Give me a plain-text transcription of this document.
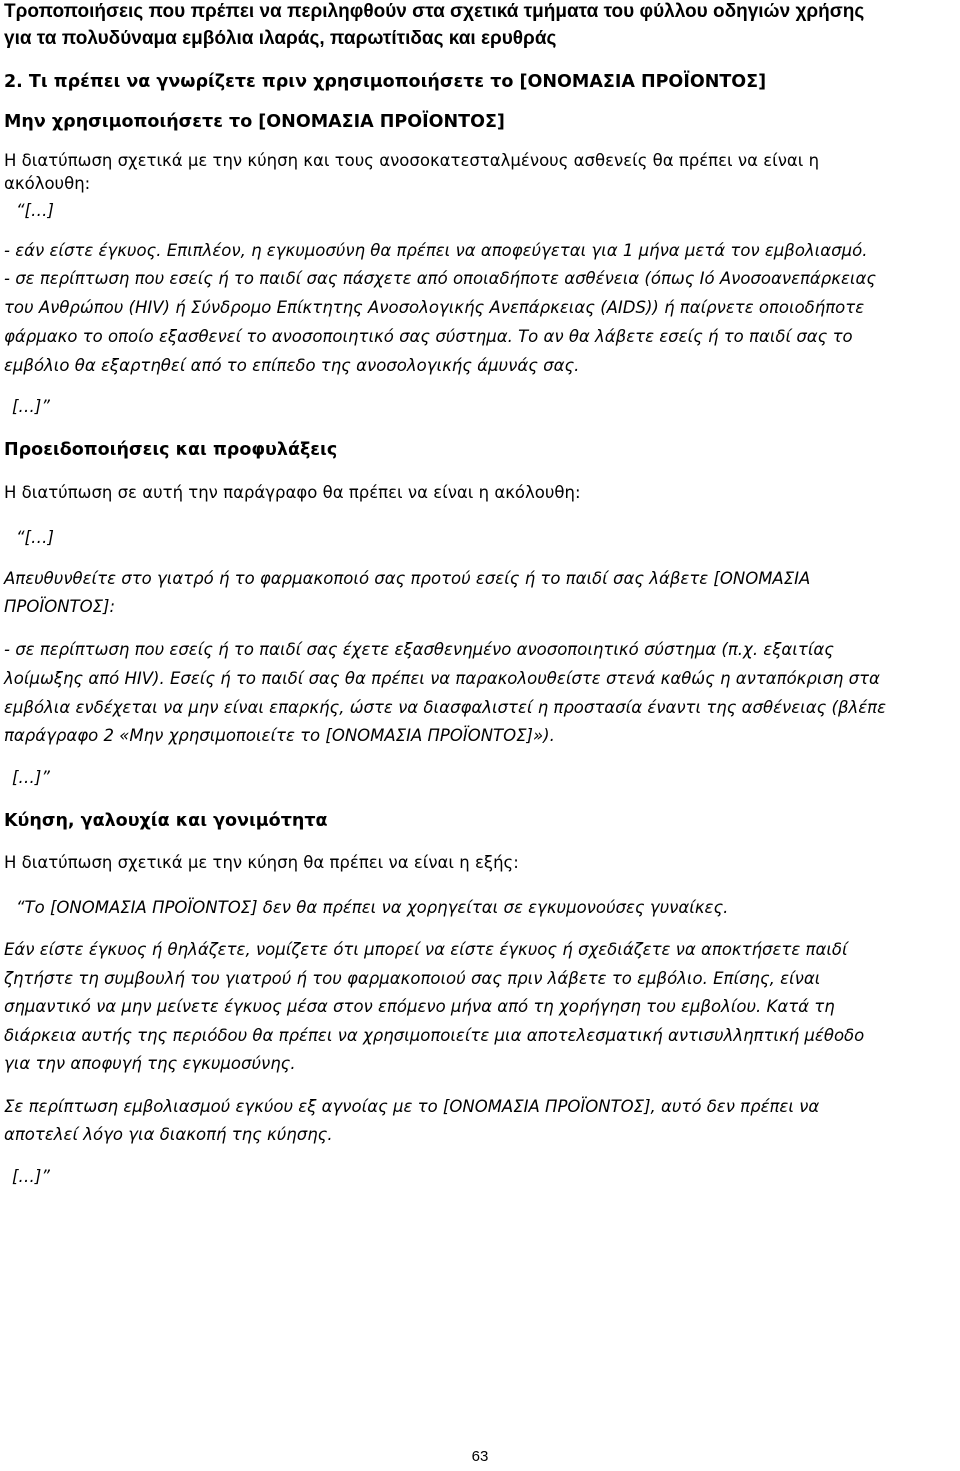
Τροποποιήσεις που πρέπει να περιληφθούν στα σχετικά τμήματα του φύλλου οδηγιών χρήσης
για τα πολυδύναμα εμβόλια ιλαράς, παρωτίτιδας και ερυθράς
2. Τι πρέπει να γνωρίζετε πριν χρησιμοποιήσετε το [ΟΝΟΜΑΣΙΑ ΠΡΟΪΟΝΤΟΣ]
Μην χρησιμοποιήσετε το [ΟΝΟΜΑΣΙΑ ΠΡΟΪΟΝΤΟΣ]
Η διατύπωση σχετικά με την κύηση και τους ανοσοκατεσταλμένους ασθενείς θα πρέπει να είναι η
ακόλουθη:
“[…]
- εάν είστε έγκυος. Επιπλέον, η εγκυμοσύνη θα πρέπει να αποφεύγεται για 1 μήνα μετά τον εμβολιασμό.
- σε περίπτωση που εσείς ή το παιδί σας πάσχετε από οποιαδήποτε ασθένεια (όπως Ιό Ανοσοανεπάρκειας
του Ανθρώπου (HIV) ή Σύνδρομο Επίκτητης Ανοσολογικής Ανεπάρκειας (AIDS)) ή παίρνετε οποιοδήποτε
φάρμακο το οποίο εξασθενεί το ανοσοποιητικό σας σύστημα. Το αν θα λάβετε εσείς ή το παιδί σας το
εμβόλιο θα εξαρτηθεί από το επίπεδο της ανοσολογικής άμυνάς σας.
[…]”
Προειδοποιήσεις και προφυλάξεις
Η διατύπωση σε αυτή την παράγραφο θα πρέπει να είναι η ακόλουθη:
“[…]
Απευθυνθείτε στο γιατρό ή το φαρμακοποιό σας προτού εσείς ή το παιδί σας λάβετε [ΟΝΟΜΑΣΙΑ
ΠΡΟΪΟΝΤΟΣ]:
- σε περίπτωση που εσείς ή το παιδί σας έχετε εξασθενημένο ανοσοποιητικό σύστημα (π.χ. εξαιτίας
λοίμωξης από HIV). Εσείς ή το παιδί σας θα πρέπει να παρακολουθείστε στενά καθώς η ανταπόκριση στα
εμβόλια ενδέχεται να μην είναι επαρκής, ώστε να διασφαλιστεί η προστασία έναντι της ασθένειας (βλέπε
παράγραφο 2 «Μην χρησιμοποιείτε το [ΟΝΟΜΑΣΙΑ ΠΡΟΪΟΝΤΟΣ]»).
[…]”
Κύηση, γαλουχία και γονιμότητα
Η διατύπωση σχετικά με την κύηση θα πρέπει να είναι η εξής:
“Το [ΟΝΟΜΑΣΙΑ ΠΡΟΪΟΝΤΟΣ] δεν θα πρέπει να χορηγείται σε εγκυμονούσες γυναίκες.
Εάν είστε έγκυος ή θηλάζετε, νομίζετε ότι μπορεί να είστε έγκυος ή σχεδιάζετε να αποκτήσετε παιδί
ζητήστε τη συμβουλή του γιατρού ή του φαρμακοποιού σας πριν λάβετε το εμβόλιο. Επίσης, είναι
σημαντικό να μην μείνετε έγκυος μέσα στον επόμενο μήνα από τη χορήγηση του εμβολίου. Κατά τη
διάρκεια αυτής της περιόδου θα πρέπει να χρησιμοποιείτε μια αποτελεσματική αντισυλληπτική μέθοδο
για την αποφυγή της εγκυμοσύνης.
Σε περίπτωση εμβολιασμού εγκύου εξ αγνοίας με το [ΟΝΟΜΑΣΙΑ ΠΡΟΪΟΝΤΟΣ], αυτό δεν πρέπει να
αποτελεί λόγο για διακοπή της κύησης.
[…]”
63
